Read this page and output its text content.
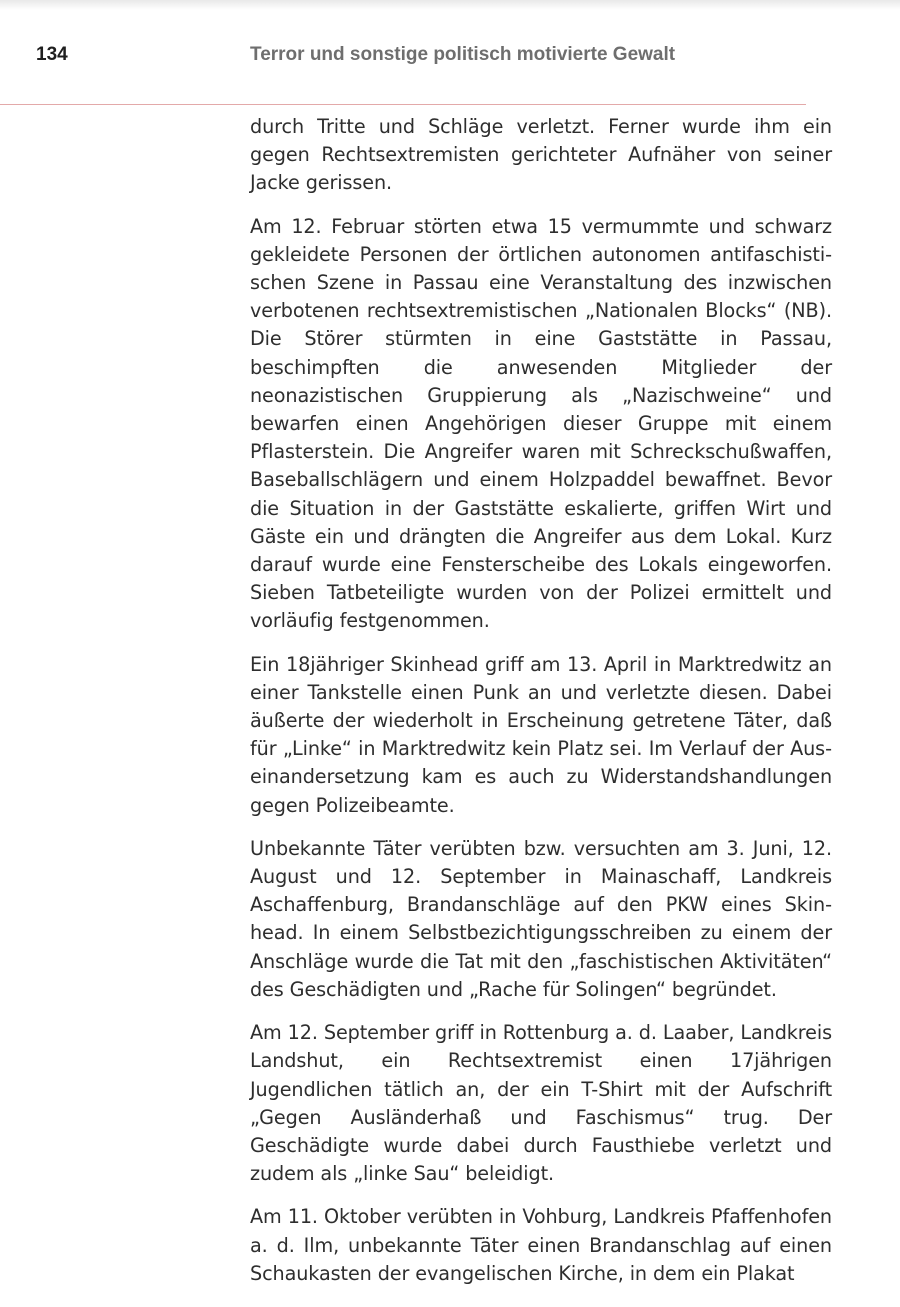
134	Terror und sonstige politisch motivierte Gewalt

durch Tritte und Schläge verletzt. Ferner wurde ihm ein gegen Rechtsextremisten gerichteter Aufnäher von seiner Jacke gerissen.

Am 12. Februar störten etwa 15 vermummte und schwarz gekleidete Personen der örtlichen autonomen antifaschistischen Szene in Passau eine Veranstaltung des inzwischen verbotenen rechtsextremistischen „Nationalen Blocks“ (NB). Die Störer stürmten in eine Gaststätte in Passau, beschimpften die anwesenden Mitglieder der neonazistischen Gruppierung als „Nazischweine“ und bewarfen einen Angehörigen dieser Gruppe mit einem Pflasterstein. Die Angreifer waren mit Schreckschußwaffen, Baseballschlägern und einem Holzpaddel bewaffnet. Bevor die Situation in der Gaststätte eskalierte, griffen Wirt und Gäste ein und drängten die Angreifer aus dem Lokal. Kurz darauf wurde eine Fensterscheibe des Lokals eingeworfen. Sieben Tatbeteiligte wurden von der Polizei ermittelt und vorläufig festgenommen.

Ein 18jähriger Skinhead griff am 13. April in Marktredwitz an einer Tankstelle einen Punk an und verletzte diesen. Dabei äußerte der wiederholt in Erscheinung getretene Täter, daß für „Linke“ in Marktredwitz kein Platz sei. Im Verlauf der Auseinandersetzung kam es auch zu Widerstandshandlungen gegen Polizeibeamte.

Unbekannte Täter verübten bzw. versuchten am 3. Juni, 12. August und 12. September in Mainaschaff, Landkreis Aschaffenburg, Brandanschläge auf den PKW eines Skinhead. In einem Selbstbezichtigungsschreiben zu einem der Anschläge wurde die Tat mit den „faschistischen Aktivitäten“ des Geschädigten und „Rache für Solingen“ begründet.

Am 12. September griff in Rottenburg a. d. Laaber, Landkreis Landshut, ein Rechtsextremist einen 17jährigen Jugendlichen tätlich an, der ein T-Shirt mit der Aufschrift „Gegen Ausländerhaß und Faschismus“ trug. Der Geschädigte wurde dabei durch Fausthiebe verletzt und zudem als „linke Sau“ beleidigt.

Am 11. Oktober verübten in Vohburg, Landkreis Pfaffenhofen a. d. Ilm, unbekannte Täter einen Brandanschlag auf einen Schaukasten der evangelischen Kirche, in dem ein Plakat
